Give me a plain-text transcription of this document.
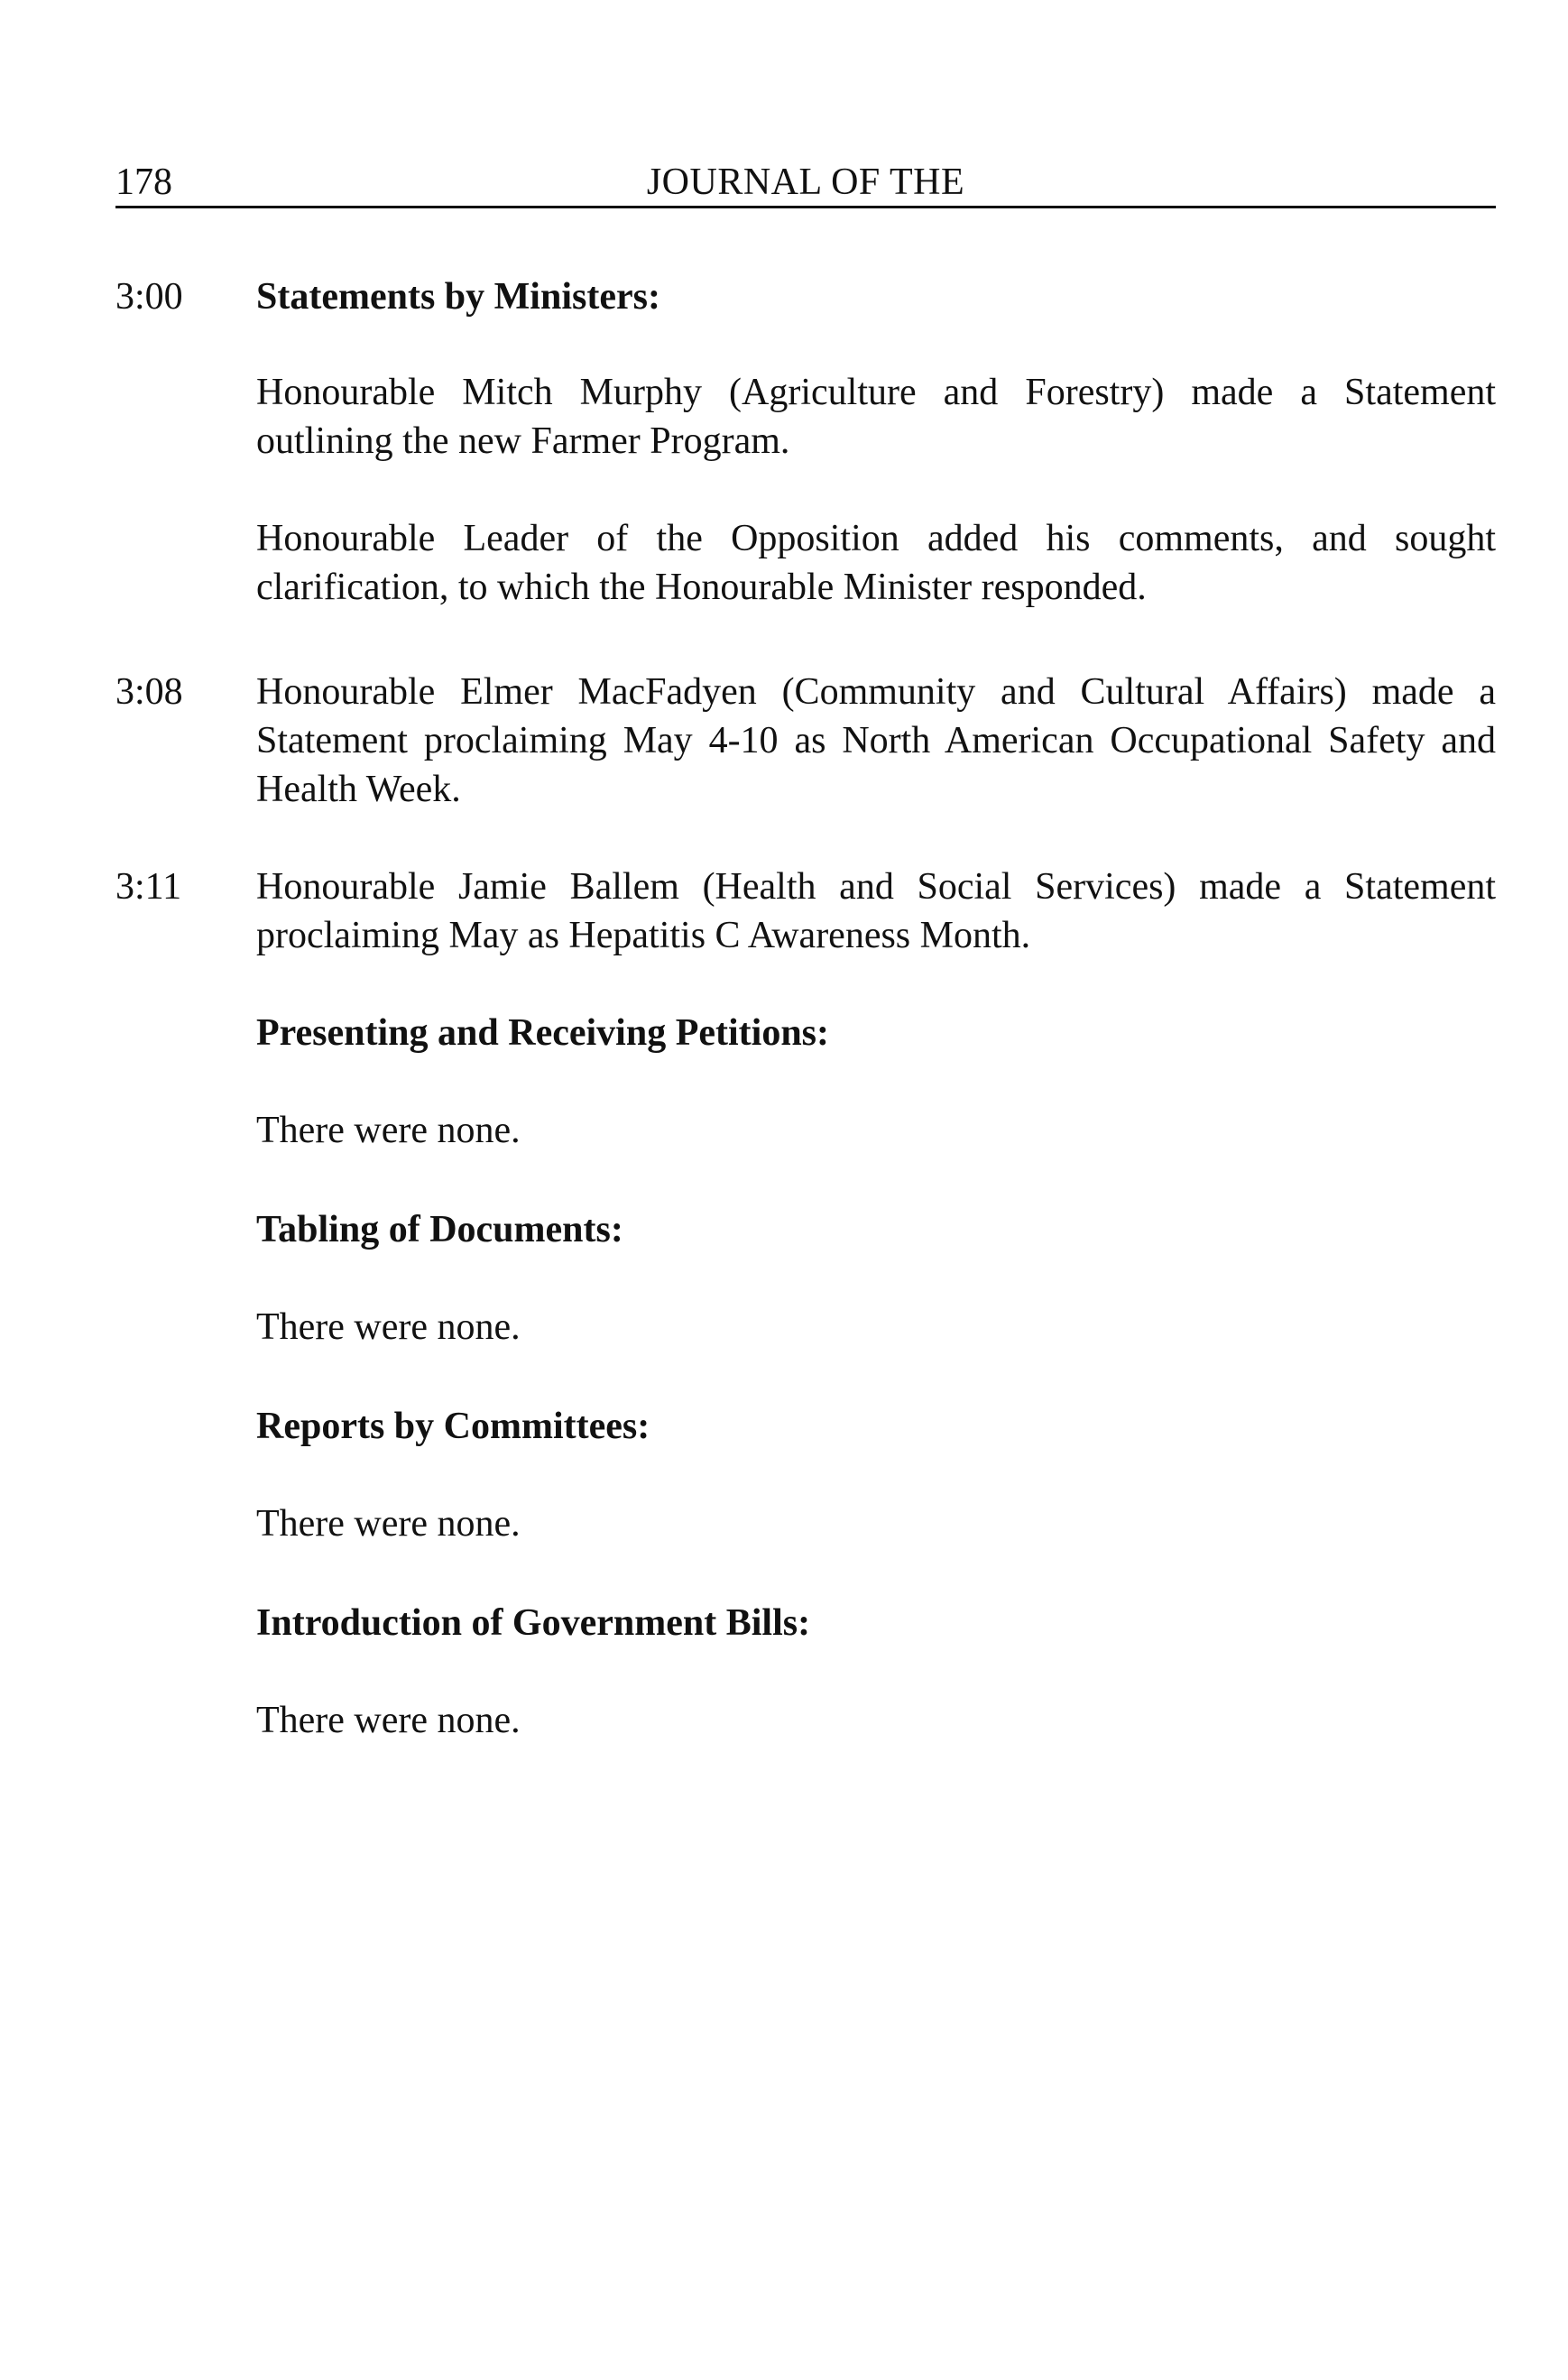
178	JOURNAL OF THE
3:00 Statements by Ministers:
Honourable Mitch Murphy (Agriculture and Forestry) made a Statement outlining the new Farmer Program.
Honourable Leader of the Opposition added his comments, and sought clarification, to which the Honourable Minister responded.
3:08 Honourable Elmer MacFadyen (Community and Cultural Affairs) made a Statement proclaiming May 4-10 as North American Occupational Safety and Health Week.
3:11 Honourable Jamie Ballem (Health and Social Services) made a Statement proclaiming May as Hepatitis C Awareness Month.
Presenting and Receiving Petitions:
There were none.
Tabling of Documents:
There were none.
Reports by Committees:
There were none.
Introduction of Government Bills:
There were none.
